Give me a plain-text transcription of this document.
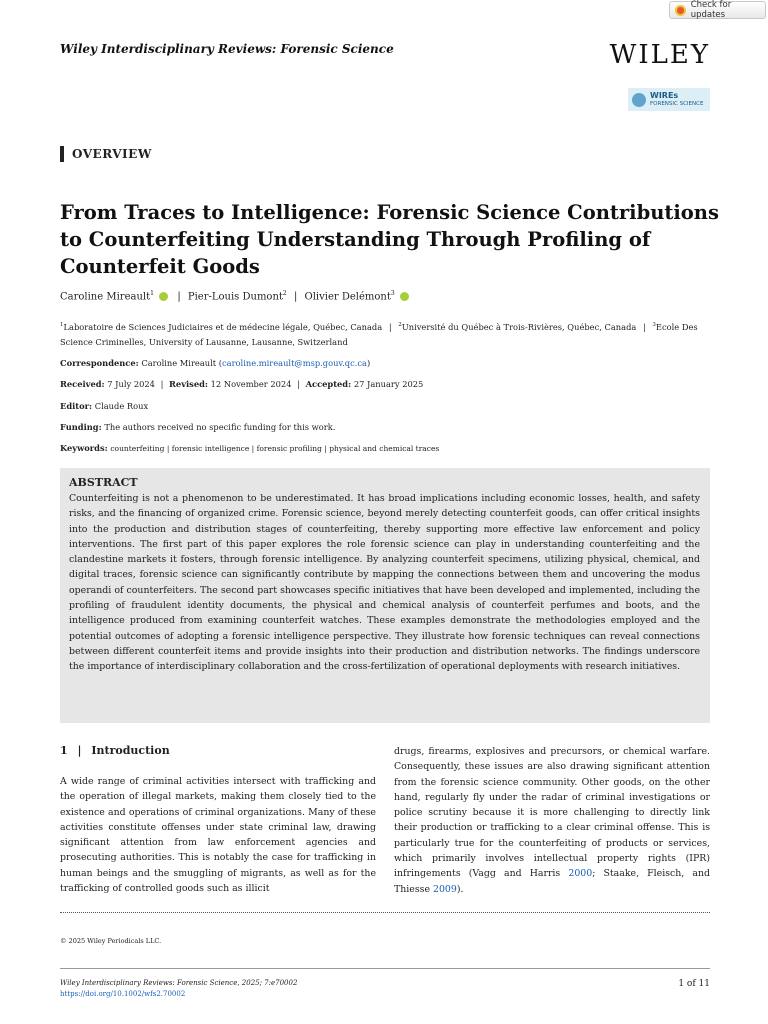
Check for updates
Wiley Interdisciplinary Reviews: Forensic Science	WILEY
WIREs
FORENSIC SCIENCE
OVERVIEW
From Traces to Intelligence: Forensic Science Contributions to Counterfeiting Understanding Through Profiling of Counterfeit Goods
Caroline Mireault$^1$ | Pier-Louis Dumont$^2$ | Olivier Delémont$^3$
$^1$Laboratoire de Sciences Judiciaires et de médecine légale, Québec, Canada | $^2$Université du Québec à Trois-Rivières, Québec, Canada | $^3$Ecole Des Science Criminelles, University of Lausanne, Lausanne, Switzerland
Correspondence: Caroline Mireault (caroline.mireault@msp.gouv.qc.ca)
Received: 7 July 2024 | Revised: 12 November 2024 | Accepted: 27 January 2025
Editor: Claude Roux
Funding: The authors received no specific funding for this work.
Keywords: counterfeiting | forensic intelligence | forensic profiling | physical and chemical traces
ABSTRACT
Counterfeiting is not a phenomenon to be underestimated. It has broad implications including economic losses, health, and safety risks, and the financing of organized crime. Forensic science, beyond merely detecting counterfeit goods, can offer critical insights into the production and distribution stages of counterfeiting, thereby supporting more effective law enforcement and policy interventions. The first part of this paper explores the role forensic science can play in understanding counterfeiting and the clandestine markets it fosters, through forensic intelligence. By analyzing counterfeit specimens, utilizing physical, chemical, and digital traces, forensic science can significantly contribute by mapping the connections between them and uncovering the modus operandi of counterfeiters. The second part showcases specific initiatives that have been developed and implemented, including the profiling of fraudulent identity documents, the physical and chemical analysis of counterfeit perfumes and boots, and the intelligence produced from examining counterfeit watches. These examples demonstrate the methodologies employed and the potential outcomes of adopting a forensic intelligence perspective. They illustrate how forensic techniques can reveal connections between different counterfeit items and provide insights into their production and distribution networks. The findings underscore the importance of interdisciplinary collaboration and the cross-fertilization of operational deployments with research initiatives.
1 | Introduction
A wide range of criminal activities intersect with trafficking and the operation of illegal markets, making them closely tied to the existence and operations of criminal organizations. Many of these activities constitute offenses under state criminal law, drawing significant attention from law enforcement agencies and prosecuting authorities. This is notably the case for trafficking in human beings and the smuggling of migrants, as well as for the trafficking of controlled goods such as illicit
drugs, firearms, explosives and precursors, or chemical warfare. Consequently, these issues are also drawing significant attention from the forensic science community. Other goods, on the other hand, regularly fly under the radar of criminal investigations or police scrutiny because it is more challenging to directly link their production or trafficking to a clear criminal offense. This is particularly true for the counterfeiting of products or services, which primarily involves intellectual property rights (IPR) infringements (Vagg and Harris 2000; Staake, Fleisch, and Thiesse 2009).
© 2025 Wiley Periodicals LLC.
Wiley Interdisciplinary Reviews: Forensic Science, 2025; 7:e70002
https://doi.org/10.1002/wfs2.70002
1 of 11
